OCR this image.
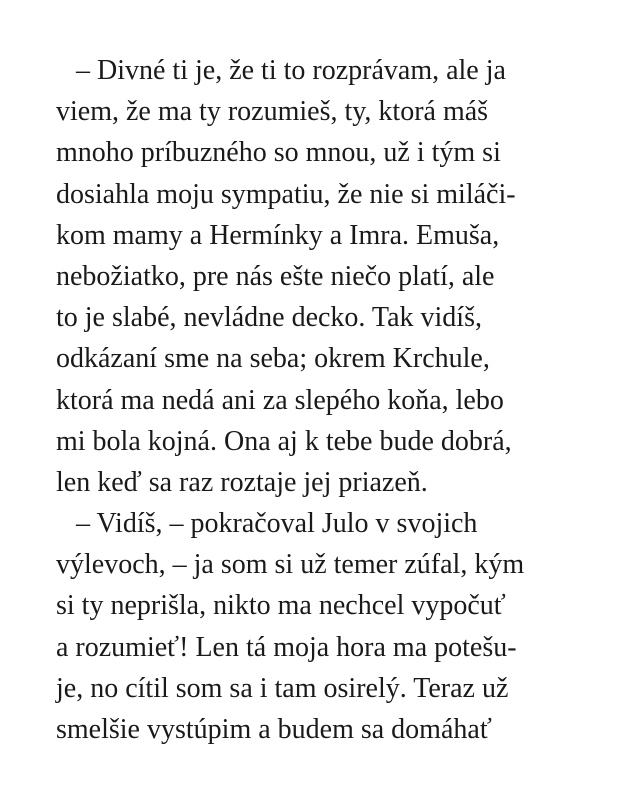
– Divné ti je, že ti to rozprávam, ale ja
viem, že ma ty rozumieš, ty, ktorá máš
mnoho príbuzného so mnou, už i tým si
dosiahla moju sympatiu, že nie si miláči-
kom mamy a Hermínky a Imra. Emuša,
nebožiatko, pre nás ešte niečo platí, ale
to je slabé, nevládne decko. Tak vidíš,
odkázaní sme na seba; okrem Krchule,
ktorá ma nedá ani za slepého koňa, lebo
mi bola kojná. Ona aj k tebe bude dobrá,
len keď sa raz roztaje jej priazeň.
– Vidíš, – pokračoval Julo v svojich
výlevoch, – ja som si už temer zúfal, kým
si ty neprišla, nikto ma nechcel vypočuť
a rozumieť! Len tá moja hora ma potešu-
je, no cítil som sa i tam osirelý. Teraz už
smelšie vystúpim a budem sa domáhať
